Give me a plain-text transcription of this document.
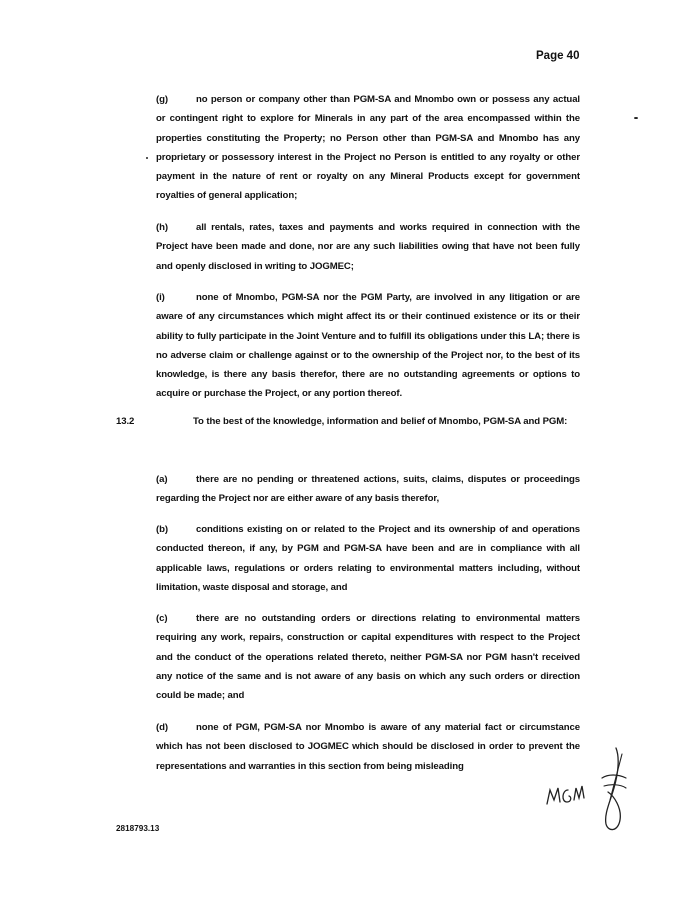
Page 40
(g)	no person or company other than PGM-SA and Mnombo own or possess any actual or contingent right to explore for Minerals in any part of the area encompassed within the properties constituting the Property; no Person other than PGM-SA and Mnombo has any proprietary or possessory interest in the Project no Person is entitled to any royalty or other payment in the nature of rent or royalty on any Mineral Products except for government royalties of general application;
(h)	all rentals, rates, taxes and payments and works required in connection with the Project have been made and done, nor are any such liabilities owing that have not been fully and openly disclosed in writing to JOGMEC;
(i)	none of Mnombo, PGM-SA nor the PGM Party, are involved in any litigation or are aware of any circumstances which might affect its or their continued existence or its or their ability to fully participate in the Joint Venture and to fulfill its obligations under this LA; there is no adverse claim or challenge against or to the ownership of the Project nor, to the best of its knowledge, is there any basis therefor, there are no outstanding agreements or options to acquire or purchase the Project, or any portion thereof.
13.2	To the best of the knowledge, information and belief of Mnombo, PGM-SA and PGM:
(a)	there are no pending or threatened actions, suits, claims, disputes or proceedings regarding the Project nor are either aware of any basis therefor,
(b)	conditions existing on or related to the Project and its ownership of and operations conducted thereon, if any, by PGM and PGM-SA have been and are in compliance with all applicable laws, regulations or orders relating to environmental matters including, without limitation, waste disposal and storage, and
(c)	there are no outstanding orders or directions relating to environmental matters requiring any work, repairs, construction or capital expenditures with respect to the Project and the conduct of the operations related thereto, neither PGM-SA nor PGM hasn't received any notice of the same and is not aware of any basis on which any such orders or direction could be made; and
(d)	none of PGM, PGM-SA nor Mnombo is aware of any material fact or circumstance which has not been disclosed to JOGMEC which should be disclosed in order to prevent the representations and warranties in this section from being misleading
2818793.13
